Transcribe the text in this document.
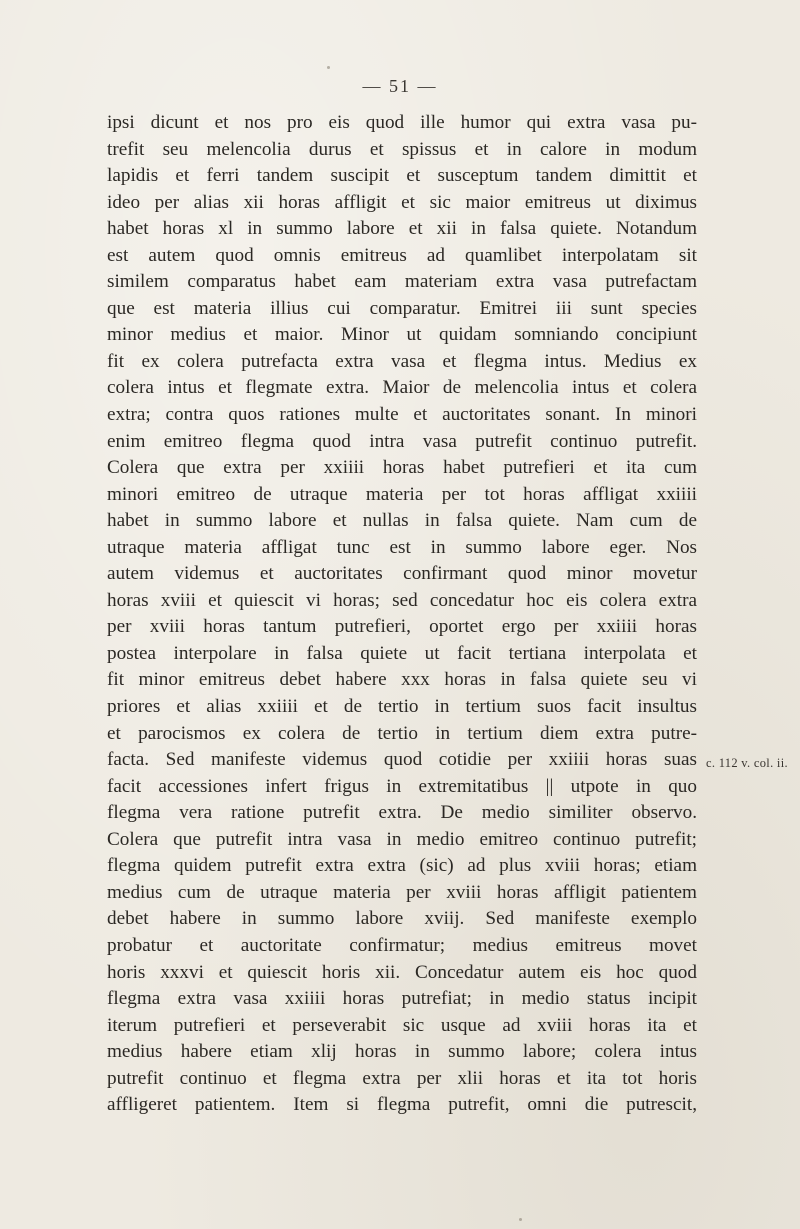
— 51 —
ipsi dicunt et nos pro eis quod ille humor qui extra vasa pu-
trefit seu melencolia durus et spissus et in calore in modum
lapidis et ferri tandem suscipit et susceptum tandem dimittit et
ideo per alias xii horas affligit et sic maior emitreus ut diximus
habet horas xl in summo labore et xii in falsa quiete. Notandum
est autem quod omnis emitreus ad quamlibet interpolatam sit
similem comparatus habet eam materiam extra vasa putrefactam
que est materia illius cui comparatur. Emitrei iii sunt species
minor medius et maior. Minor ut quidam somniando concipiunt
fit ex colera putrefacta extra vasa et flegma intus. Medius ex
colera intus et flegmate extra. Maior de melencolia intus et colera
extra; contra quos rationes multe et auctoritates sonant. In minori
enim emitreo flegma quod intra vasa putrefit continuo putrefit.
Colera que extra per xxiiii horas habet putrefieri et ita cum
minori emitreo de utraque materia per tot horas affligat xxiiii
habet in summo labore et nullas in falsa quiete. Nam cum de
utraque materia affligat tunc est in summo labore eger. Nos
autem videmus et auctoritates confirmant quod minor movetur
horas xviii et quiescit vi horas; sed concedatur hoc eis colera extra
per xviii horas tantum putrefieri, oportet ergo per xxiiii horas
postea interpolare in falsa quiete ut facit tertiana interpolata et
fit minor emitreus debet habere xxx horas in falsa quiete seu vi
priores et alias xxiiii et de tertio in tertium suos facit insultus
et parocismos ex colera de tertio in tertium diem extra putre-
facta. Sed manifeste videmus quod cotidie per xxiiii horas suas
facit accessiones infert frigus in extremitatibus || utpote in quo
flegma vera ratione putrefit extra. De medio similiter observo.
Colera que putrefit intra vasa in medio emitreo continuo putrefit;
flegma quidem putrefit extra extra (sic) ad plus xviii horas; etiam
medius cum de utraque materia per xviii horas affligit patientem
debet habere in summo labore xviij. Sed manifeste exemplo
probatur et auctoritate confirmatur; medius emitreus movet
horis xxxvi et quiescit horis xii. Concedatur autem eis hoc quod
flegma extra vasa xxiiii horas putrefiat; in medio status incipit
iterum putrefieri et perseverabit sic usque ad xviii horas ita et
medius habere etiam xlij horas in summo labore; colera intus
putrefit continuo et flegma extra per xlii horas et ita tot horis
affligeret patientem. Item si flegma putrefit, omni die putrescit,
c. 112 v. col. ii.
